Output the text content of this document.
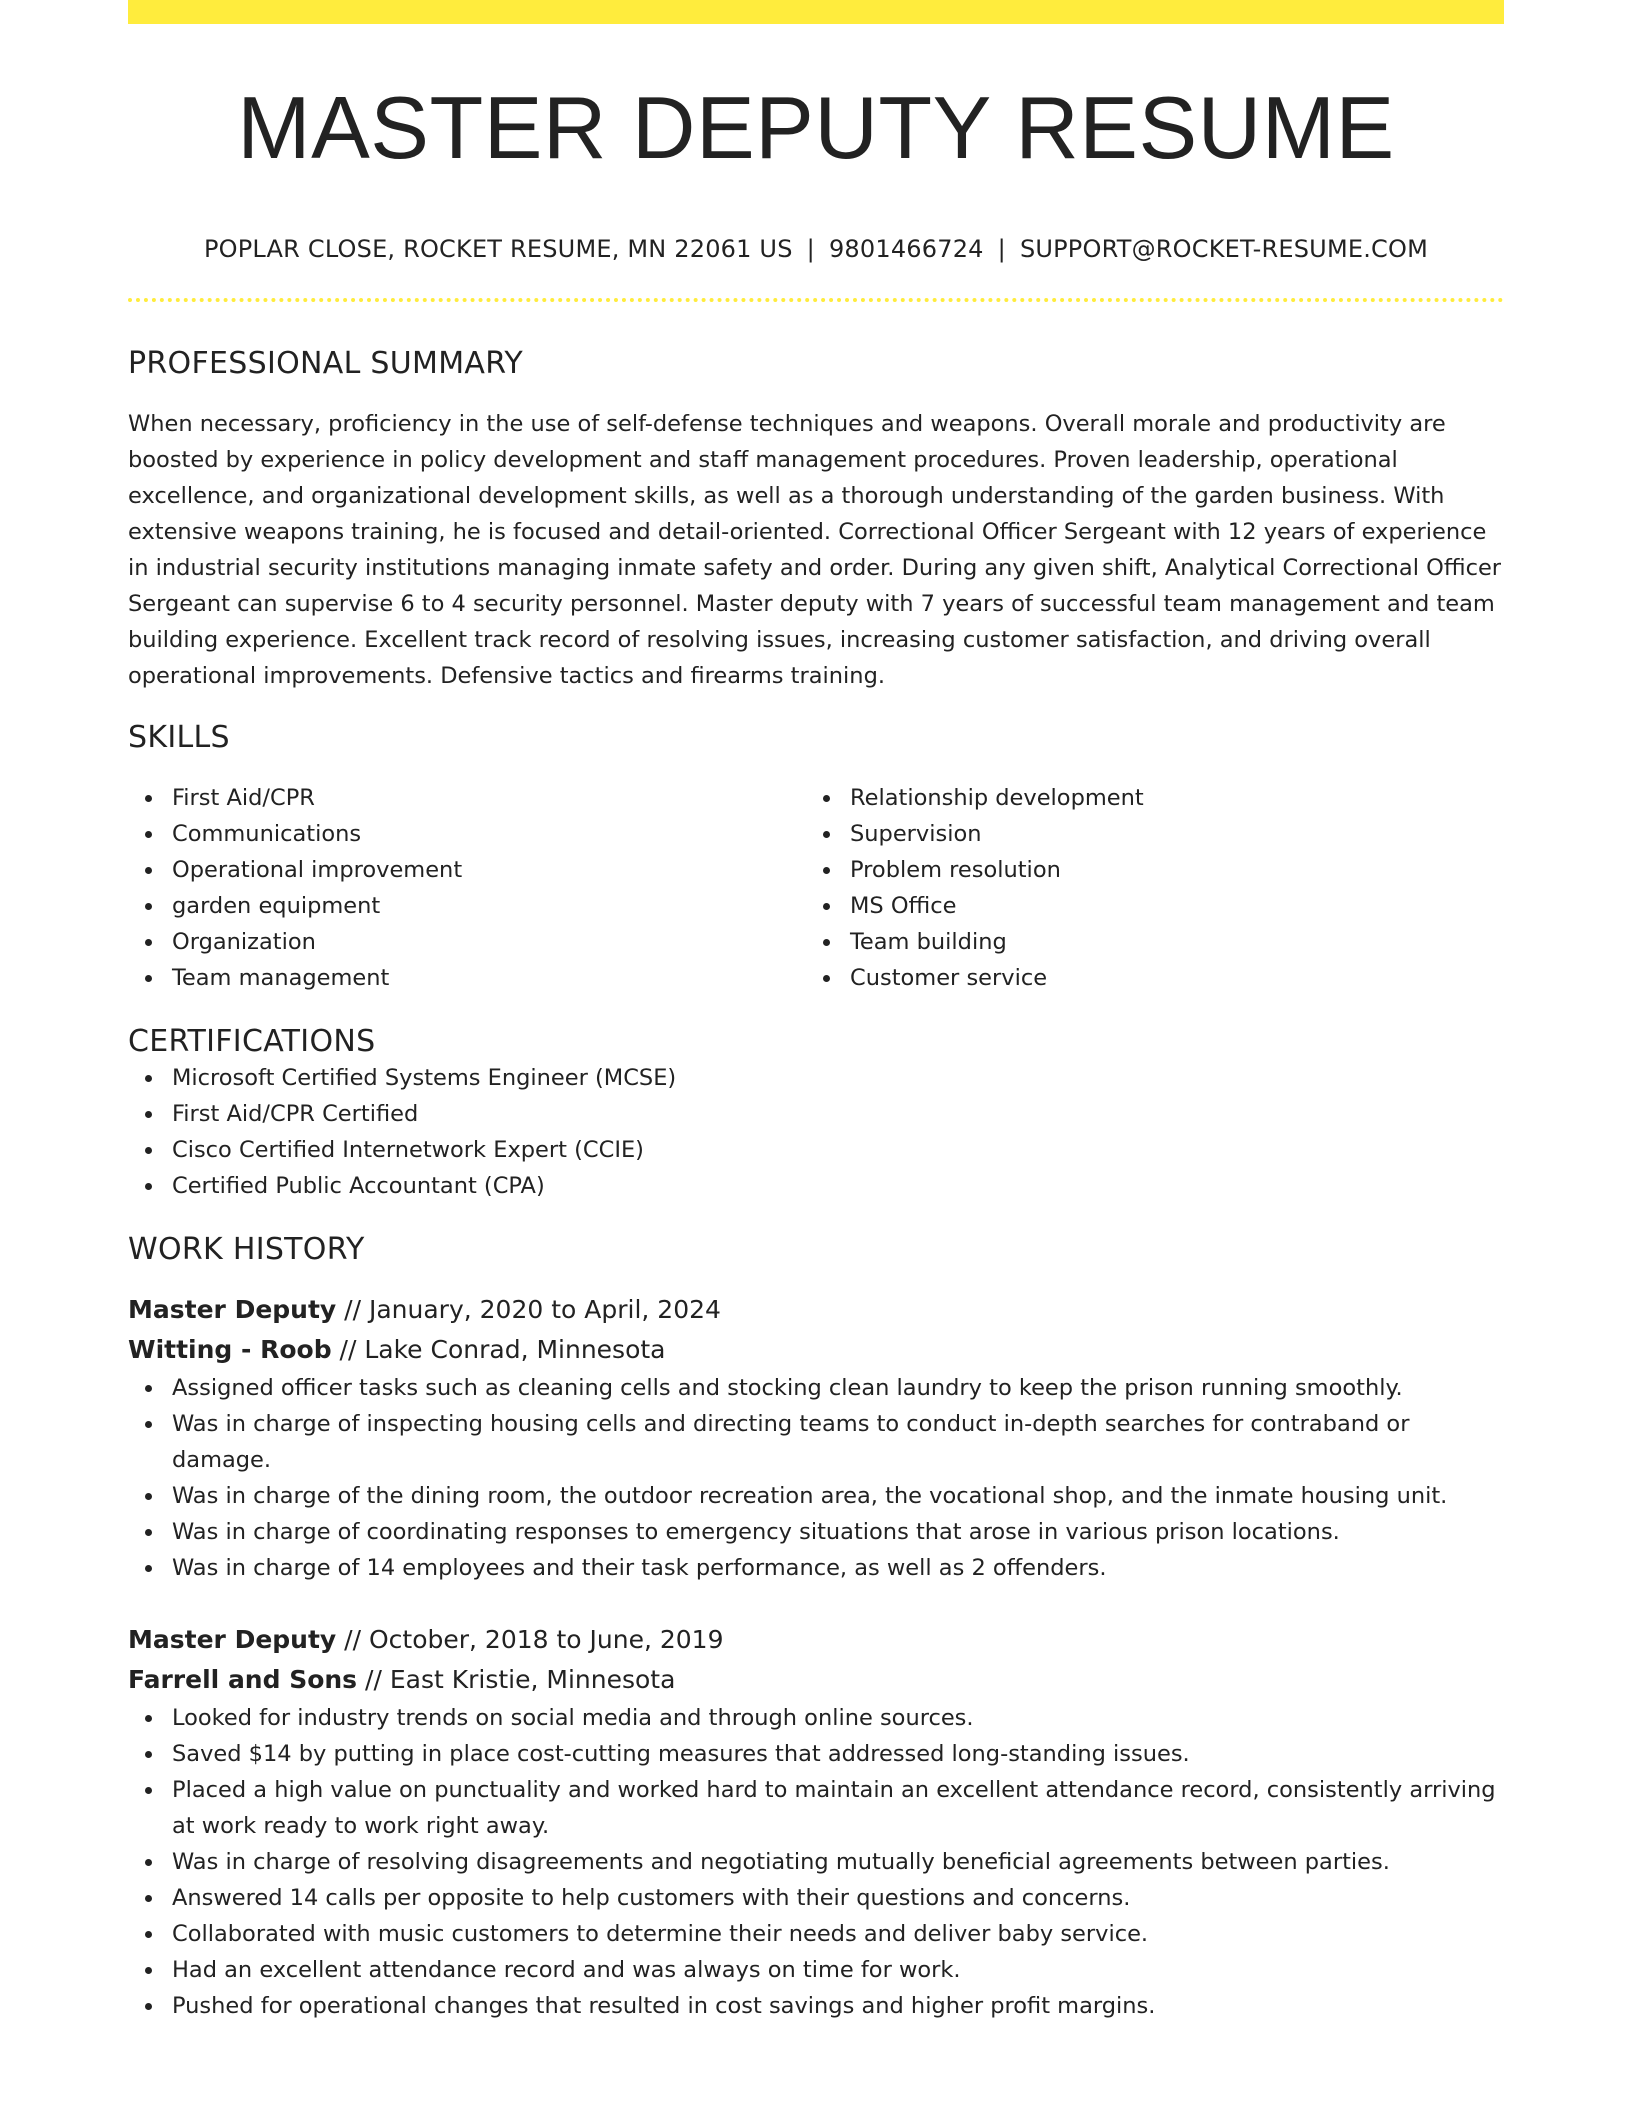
MASTER DEPUTY RESUME
POPLAR CLOSE, ROCKET RESUME, MN 22061 US | 9801466724 | SUPPORT@ROCKET-RESUME.COM
PROFESSIONAL SUMMARY

When necessary, proficiency in the use of self-defense techniques and weapons. Overall morale and productivity are boosted by experience in policy development and staff management procedures. Proven leadership, operational excellence, and organizational development skills, as well as a thorough understanding of the garden business. With extensive weapons training, he is focused and detail-oriented. Correctional Officer Sergeant with 12 years of experience in industrial security institutions managing inmate safety and order. During any given shift, Analytical Correctional Officer Sergeant can supervise 6 to 4 security personnel. Master deputy with 7 years of successful team management and team building experience. Excellent track record of resolving issues, increasing customer satisfaction, and driving overall operational improvements. Defensive tactics and firearms training.

SKILLS
First Aid/CPR
Communications
Operational improvement
garden equipment
Organization
Team management
Relationship development
Supervision
Problem resolution
MS Office
Team building
Customer service
CERTIFICATIONS
Microsoft Certified Systems Engineer (MCSE)
First Aid/CPR Certified
Cisco Certified Internetwork Expert (CCIE)
Certified Public Accountant (CPA)
WORK HISTORY
Master Deputy // January, 2020 to April, 2024
Witting - Roob // Lake Conrad, Minnesota
Assigned officer tasks such as cleaning cells and stocking clean laundry to keep the prison running smoothly.
Was in charge of inspecting housing cells and directing teams to conduct in-depth searches for contraband or damage.
Was in charge of the dining room, the outdoor recreation area, the vocational shop, and the inmate housing unit.
Was in charge of coordinating responses to emergency situations that arose in various prison locations.
Was in charge of 14 employees and their task performance, as well as 2 offenders.
Master Deputy // October, 2018 to June, 2019
Farrell and Sons // East Kristie, Minnesota
Looked for industry trends on social media and through online sources.
Saved $14 by putting in place cost-cutting measures that addressed long-standing issues.
Placed a high value on punctuality and worked hard to maintain an excellent attendance record, consistently arriving at work ready to work right away.
Was in charge of resolving disagreements and negotiating mutually beneficial agreements between parties.
Answered 14 calls per opposite to help customers with their questions and concerns.
Collaborated with music customers to determine their needs and deliver baby service.
Had an excellent attendance record and was always on time for work.
Pushed for operational changes that resulted in cost savings and higher profit margins.
